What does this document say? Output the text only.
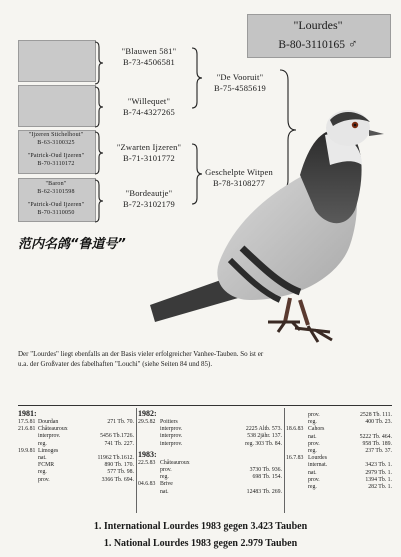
"Lourdes"
B-80-3110165 ♂
"Ijzeren Stichelhout"
B-63-3100325
"Patrick-Oud Ijzeren"
B-70-3110172
"Baron"
B-62-3101598
"Patrick-Oud Ijzeren"
B-70-3110050
"Blauwen 581"
B-73-4506581
"Willequet"
B-74-4327265
"Zwarten Ijzeren"
B-71-3101772
"Bordeautje"
B-72-3102179
"De Vooruit"
B-75-4585619
Geschelpte Witpen
B-78-3108277
范内名鸽“鲁道号”
Der "Lourdes" liegt ebenfalls an der Basis vieler erfolgreicher Vanhee-Tauben. So ist er u.a. der Großvater des fabelhaften "Louchi" (siehe Seiten 84 und 85).
1981:
17.5.81 Dourdan	271 Tb. 70.
21.6.81 Châteauroux
interprov.	5456 Tb.1726.
reg.	741 Tb. 227.
19.9.81 Limoges
nat.	11962 Tb.1612.
FCMR	890 Tb. 170.
reg.	577 Tb. 98.
prov.	3366 Tb. 694.
1982:
29.5.82 Poitiers
interprov.	2225 Altb. 573.
interprov.	538 2jähr. 137.
interprov.	reg. 303 Tb. 84.
1983:
22.5.83 Châteauroux
prov.	3730 Tb. 936.
reg.	698 Tb. 154.
04.6.83 Brive
nat.	12483 Tb. 269.
prov.	2528 Tb. 111.
reg.	400 Tb. 23.
18.6.83 Cahors
nat.	5222 Tb. 464.
prov.	958 Tb. 189.
reg.	237 Tb. 37.
16.7.83 Lourdes
internat.	3423 Tb. 1.
nat.	2979 Tb. 1.
prov.	1394 Tb. 1.
reg.	282 Tb. 1.
1. International Lourdes 1983 gegen 3.423 Tauben
1. National Lourdes 1983 gegen 2.979 Tauben
